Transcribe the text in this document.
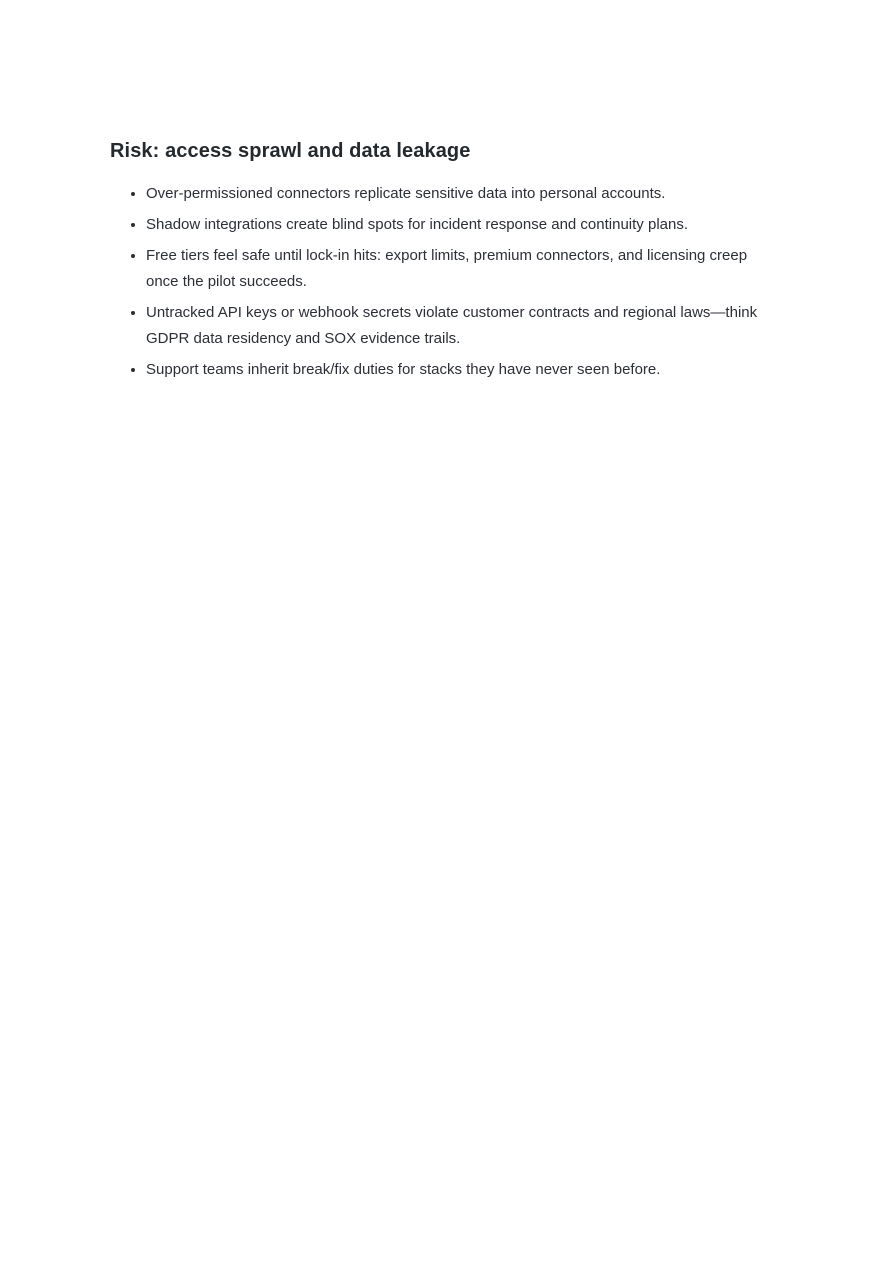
Risk: access sprawl and data leakage
• Over-permissioned connectors replicate sensitive data into personal accounts.
• Shadow integrations create blind spots for incident response and continuity plans.
• Free tiers feel safe until lock-in hits: export limits, premium connectors, and licensing creep once the pilot succeeds.
• Untracked API keys or webhook secrets violate customer contracts and regional laws—think GDPR data residency and SOX evidence trails.
• Support teams inherit break/fix duties for stacks they have never seen before.
